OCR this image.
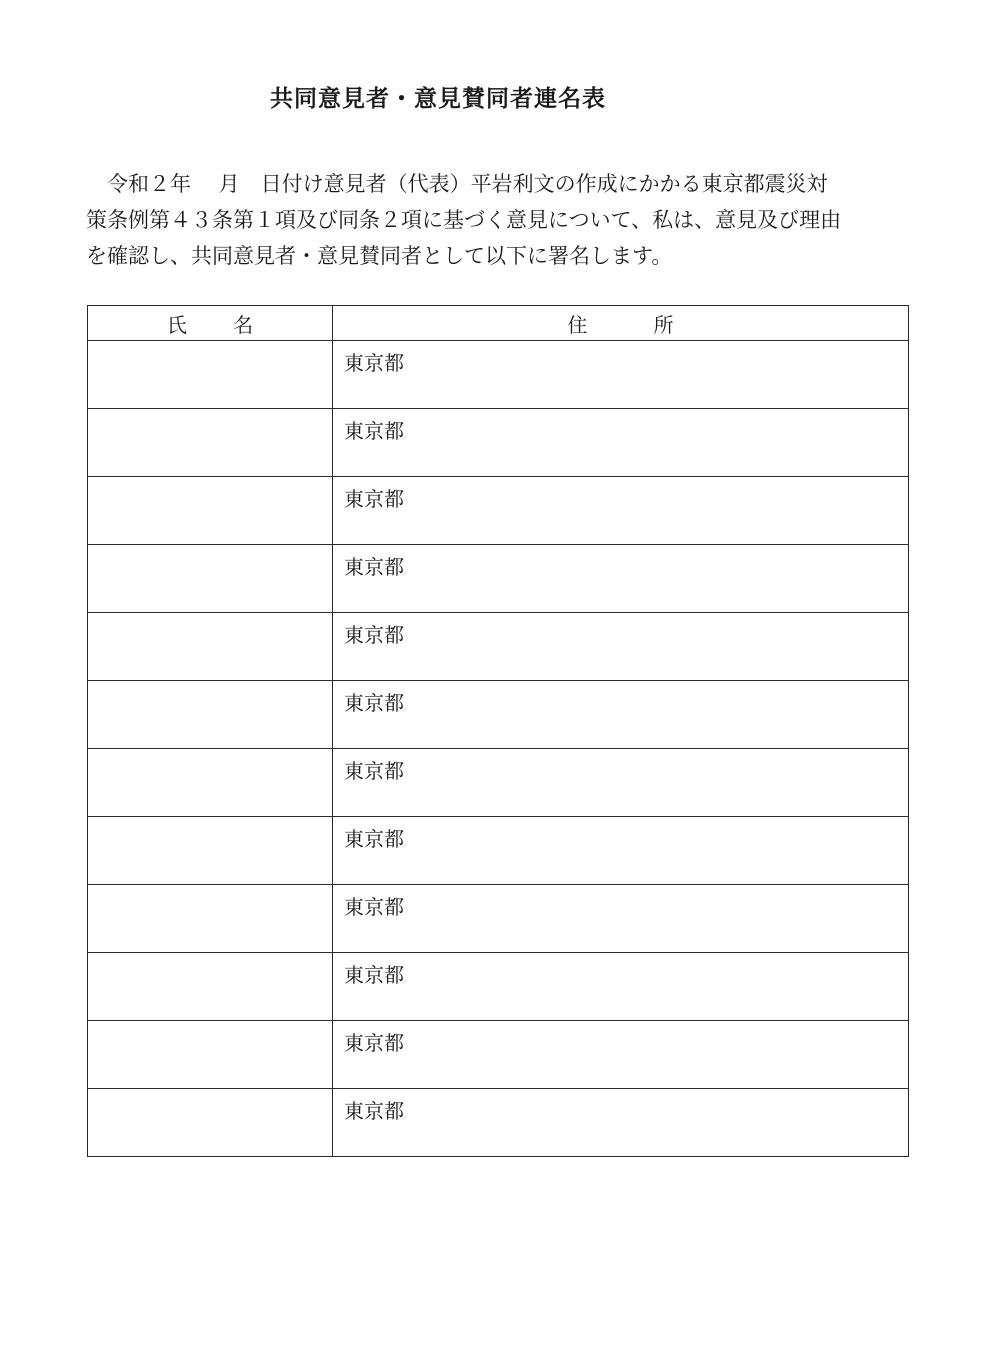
共同意見者・意見賛同者連名表

令和２年　 月　日付け意見者（代表）平岩利文の作成にかかる東京都震災対
策条例第４３条第１項及び同条２項に基づく意見について、私は、意見及び理由
を確認し、共同意見者・意見賛同者として以下に署名します。

氏　　 名	住　　　 所

	東京都

	東京都

	東京都

	東京都

	東京都

	東京都

	東京都

	東京都

	東京都

	東京都

	東京都

	東京都
